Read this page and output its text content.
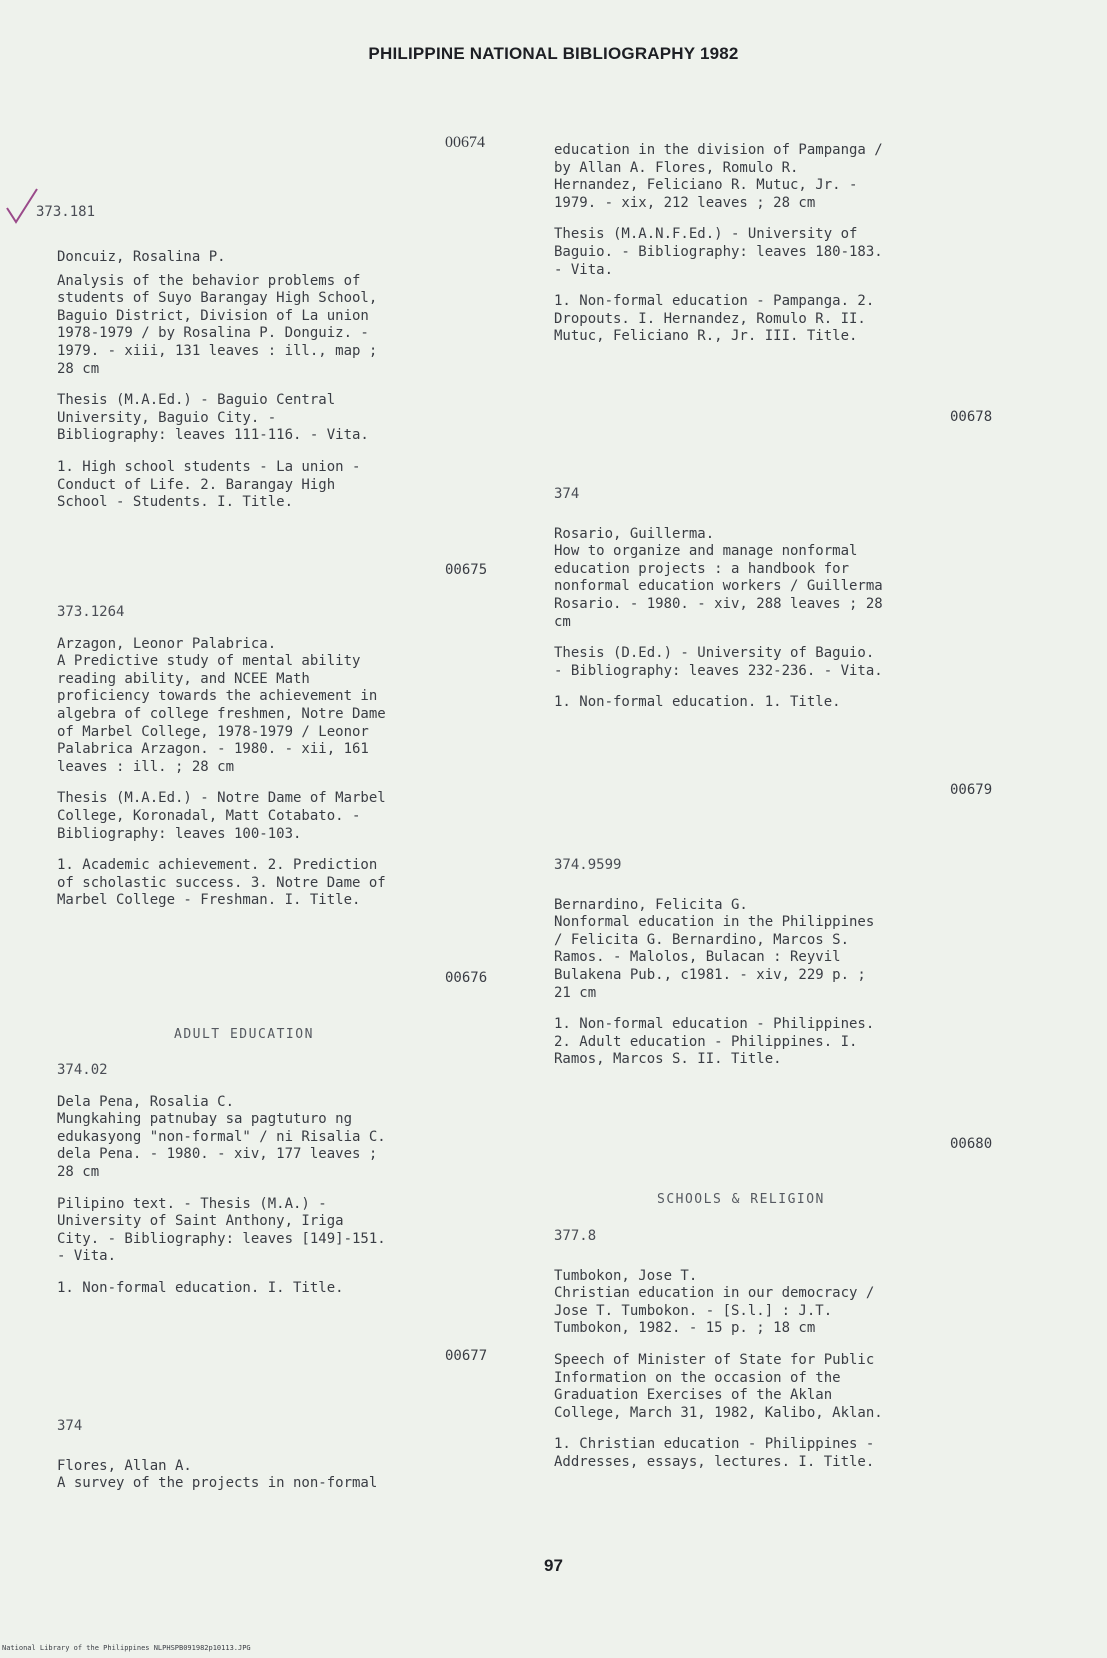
PHILIPPINE NATIONAL BIBLIOGRAPHY 1982
373.181
00674

Doncuiz, Rosalina P.

Analysis of the behavior problems of
students of Suyo Barangay High School,
Baguio District, Division of La union
1978-1979 / by Rosalina P. Donguiz. -
1979. - xiii, 131 leaves : ill., map ;
28 cm

Thesis (M.A.Ed.) - Baguio Central
University, Baguio City. -
Bibliography: leaves 111-116. - Vita.

1. High school students - La union -
Conduct of Life. 2. Barangay High
School - Students. I. Title.

00675
373.1264

Arzagon, Leonor Palabrica.

A Predictive study of mental ability
reading ability, and NCEE Math
proficiency towards the achievement in
algebra of college freshmen, Notre Dame
of Marbel College, 1978-1979 / Leonor
Palabrica Arzagon. - 1980. - xii, 161
leaves : ill. ; 28 cm

Thesis (M.A.Ed.) - Notre Dame of Marbel
College, Koronadal, Matt Cotabato. -
Bibliography: leaves 100-103.

1. Academic achievement. 2. Prediction
of scholastic success. 3. Notre Dame of
Marbel College - Freshman. I. Title.

00676
ADULT EDUCATION
374.02

Dela Pena, Rosalia C.

Mungkahing patnubay sa pagtuturo ng
edukasyong "non-formal" / ni Risalia C.
dela Pena. - 1980. - xiv, 177 leaves ;
28 cm

Pilipino text. - Thesis (M.A.) -
University of Saint Anthony, Iriga
City. - Bibliography: leaves [149]-151.
- Vita.

1. Non-formal education. I. Title.

00677
374

Flores, Allan A.

A survey of the projects in non-formal

education in the division of Pampanga /
by Allan A. Flores, Romulo R.
Hernandez, Feliciano R. Mutuc, Jr. -
1979. - xix, 212 leaves ; 28 cm

Thesis (M.A.N.F.Ed.) - University of
Baguio. - Bibliography: leaves 180-183.
- Vita.

1. Non-formal education - Pampanga. 2.
Dropouts. I. Hernandez, Romulo R. II.
Mutuc, Feliciano R., Jr. III. Title.

00678
374

Rosario, Guillerma.

How to organize and manage nonformal
education projects : a handbook for
nonformal education workers / Guillerma
Rosario. - 1980. - xiv, 288 leaves ; 28
cm

Thesis (D.Ed.) - University of Baguio.
- Bibliography: leaves 232-236. - Vita.

1. Non-formal education. 1. Title.

00679
374.9599

Bernardino, Felicita G.

Nonformal education in the Philippines
/ Felicita G. Bernardino, Marcos S.
Ramos. - Malolos, Bulacan : Reyvil
Bulakena Pub., c1981. - xiv, 229 p. ;
21 cm

1. Non-formal education - Philippines.
2. Adult education - Philippines. I.
Ramos, Marcos S. II. Title.

00680
SCHOOLS & RELIGION
377.8

Tumbokon, Jose T.

Christian education in our democracy /
Jose T. Tumbokon. - [S.l.] : J.T.
Tumbokon, 1982. - 15 p. ; 18 cm

Speech of Minister of State for Public
Information on the occasion of the
Graduation Exercises of the Aklan
College, March 31, 1982, Kalibo, Aklan.

1. Christian education - Philippines -
Addresses, essays, lectures. I. Title.

97
National Library of the Philippines NLPHSPB091982p10113.JPG
